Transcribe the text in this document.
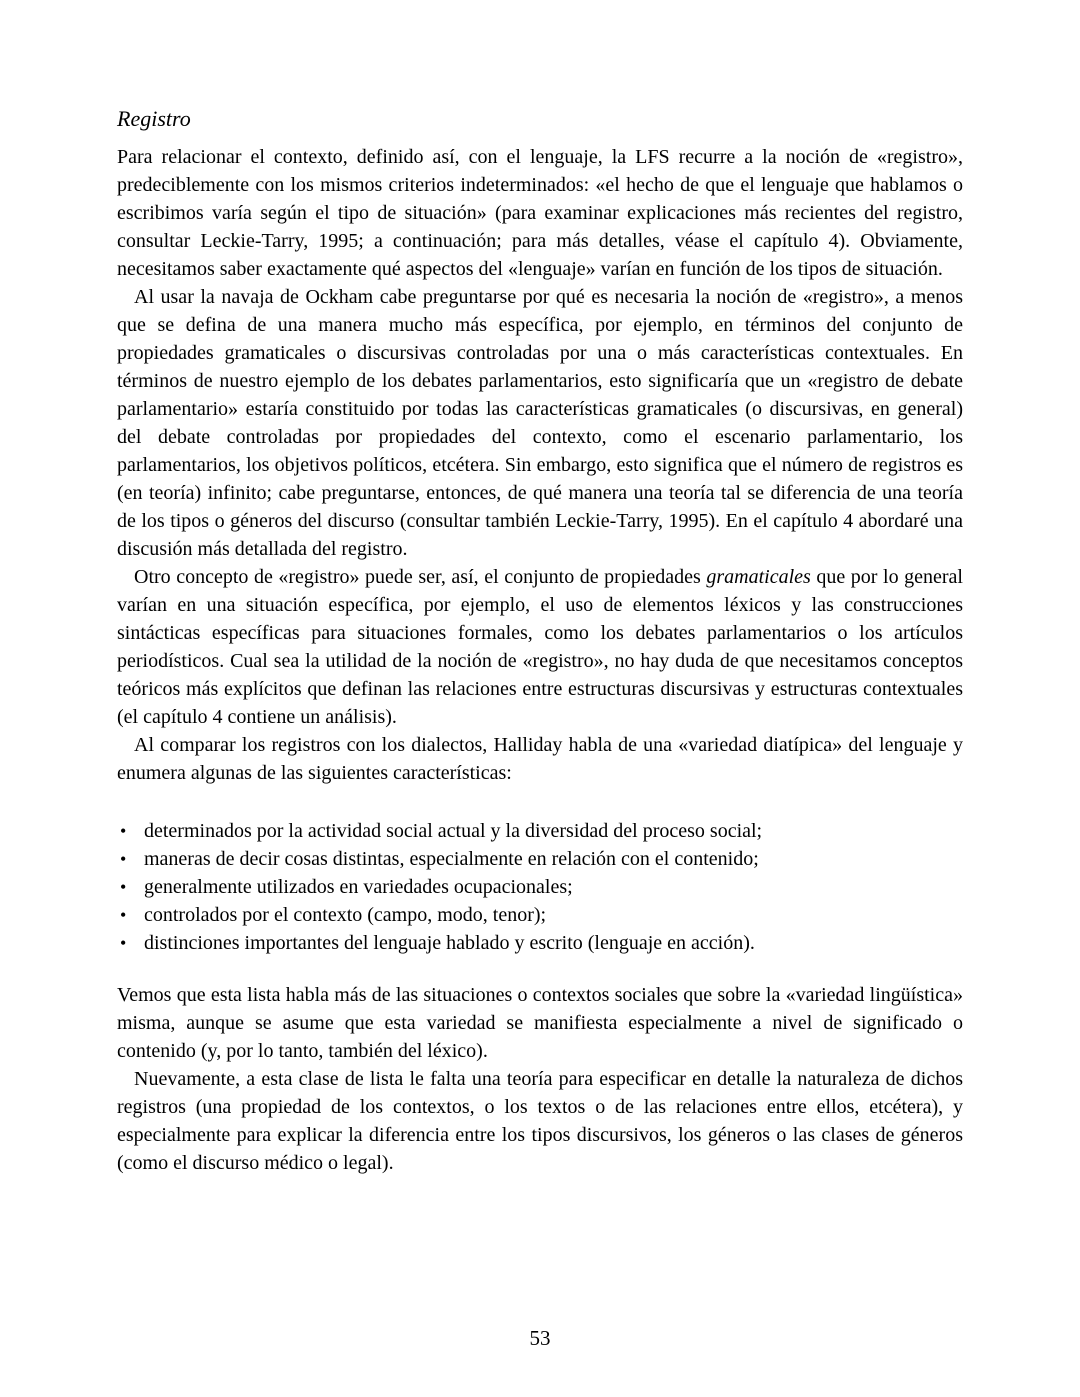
Registro

Para relacionar el contexto, definido así, con el lenguaje, la LFS recurre a la noción de «registro», predeciblemente con los mismos criterios indeterminados: «el hecho de que el lenguaje que hablamos o escribimos varía según el tipo de situación» (para examinar explicaciones más recientes del registro, consultar Leckie-Tarry, 1995; a continuación; para más detalles, véase el capítulo 4). Obviamente, necesitamos saber exactamente qué aspectos del «lenguaje» varían en función de los tipos de situación.

Al usar la navaja de Ockham cabe preguntarse por qué es necesaria la noción de «registro», a menos que se defina de una manera mucho más específica, por ejemplo, en términos del conjunto de propiedades gramaticales o discursivas controladas por una o más características contextuales. En términos de nuestro ejemplo de los debates parlamentarios, esto significaría que un «registro de debate parlamentario» estaría constituido por todas las características gramaticales (o discursivas, en general) del debate controladas por propiedades del contexto, como el escenario parlamentario, los parlamentarios, los objetivos políticos, etcétera. Sin embargo, esto significa que el número de registros es (en teoría) infinito; cabe preguntarse, entonces, de qué manera una teoría tal se diferencia de una teoría de los tipos o géneros del discurso (consultar también Leckie-Tarry, 1995). En el capítulo 4 abordaré una discusión más detallada del registro.

Otro concepto de «registro» puede ser, así, el conjunto de propiedades gramaticales que por lo general varían en una situación específica, por ejemplo, el uso de elementos léxicos y las construcciones sintácticas específicas para situaciones formales, como los debates parlamentarios o los artículos periodísticos. Cual sea la utilidad de la noción de «registro», no hay duda de que necesitamos conceptos teóricos más explícitos que definan las relaciones entre estructuras discursivas y estructuras contextuales (el capítulo 4 contiene un análisis).

Al comparar los registros con los dialectos, Halliday habla de una «variedad diatípica» del lenguaje y enumera algunas de las siguientes características:

• determinados por la actividad social actual y la diversidad del proceso social;
• maneras de decir cosas distintas, especialmente en relación con el contenido;
• generalmente utilizados en variedades ocupacionales;
• controlados por el contexto (campo, modo, tenor);
• distinciones importantes del lenguaje hablado y escrito (lenguaje en acción).

Vemos que esta lista habla más de las situaciones o contextos sociales que sobre la «variedad lingüística» misma, aunque se asume que esta variedad se manifiesta especialmente a nivel de significado o contenido (y, por lo tanto, también del léxico).

Nuevamente, a esta clase de lista le falta una teoría para especificar en detalle la naturaleza de dichos registros (una propiedad de los contextos, o los textos o de las relaciones entre ellos, etcétera), y especialmente para explicar la diferencia entre los tipos discursivos, los géneros o las clases de géneros (como el discurso médico o legal).

53
